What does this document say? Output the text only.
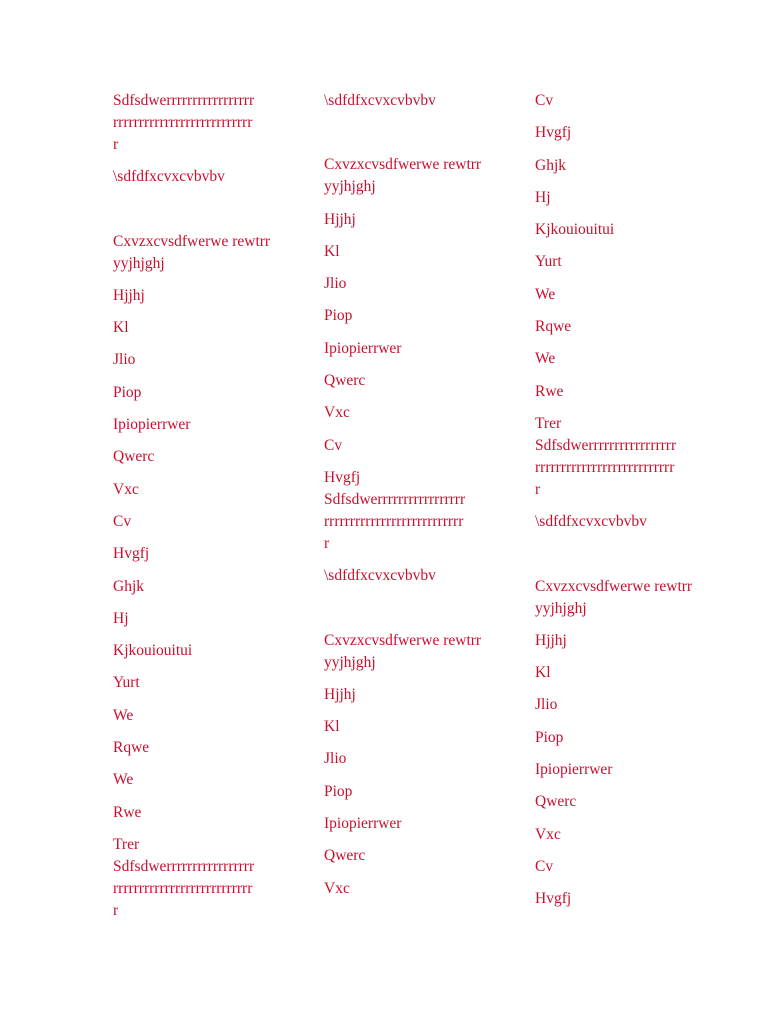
Sdfsdwerrrrrrrrrrrrrrrrrrrrrrrrrrrrrrrrrrrrrrrrrrrrr

\sdfdfxcvxcvbvbv

Cxvzxcvsdfwerwe rewtrryyjhjghj

Hjjhj

Kl

Jlio

Piop

Ipiopierrwer

Qwerc

Vxc

Cv

Hvgfj

Ghjk

Hj

Kjkouiouitui

Yurt

We

Rqwe

We

Rwe

Trer

Sdfsdwerrrrrrrrrrrrrrrrrrrrrrrrrrrrrrrrrrrrrrrrrrrrr

\sdfdfxcvxcvbvbv

Cxvzxcvsdfwerwe rewtrryyjhjghj

Hjjhj

Kl

Jlio

Piop

Ipiopierrwer

Qwerc

Vxc

Cv

Hvgfj

Sdfsdwerrrrrrrrrrrrrrrrrrrrrrrrrrrrrrrrrrrrrrrrrrrrr

\sdfdfxcvxcvbvbv

Cxvzxcvsdfwerwe rewtrryyjhjghj

Hjjhj

Kl

Jlio

Piop

Ipiopierrwer

Qwerc

Vxc

Cv

Hvgfj

Ghjk

Hj

Kjkouiouitui

Yurt

We

Rqwe

We

Rwe

Trer

Sdfsdwerrrrrrrrrrrrrrrrrrrrrrrrrrrrrrrrrrrrrrrrrrrrr

\sdfdfxcvxcvbvbv

Cxvzxcvsdfwerwe rewtrryyjhjghj

Hjjhj

Kl

Jlio

Piop

Ipiopierrwer

Qwerc

Vxc

Cv

Hvgfj
